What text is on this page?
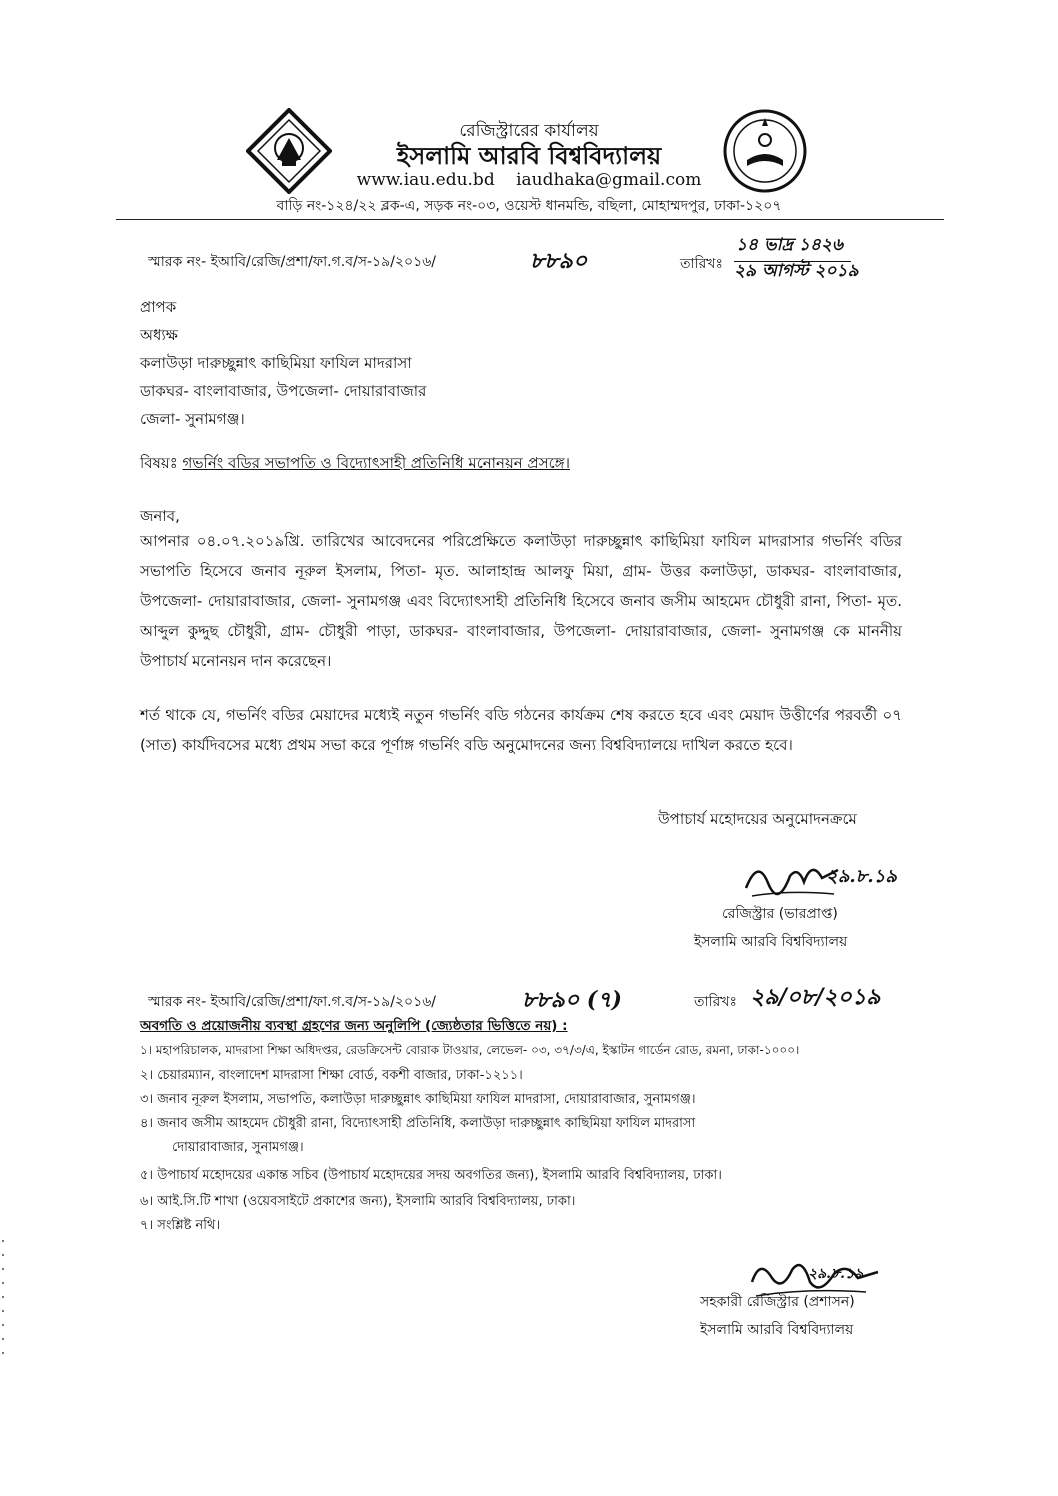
রেজিস্ট্রারের কার্যালয়
ইসলামি আরবি বিশ্ববিদ্যালয়
www.iau.edu.bd iaudhaka@gmail.com
বাড়ি নং-১২৪/২২ ব্লক-এ, সড়ক নং-০৩, ওয়েস্ট ধানমন্ডি, বছিলা, মোহাম্মদপুর, ঢাকা-১২০৭
স্মারক নং- ইআবি/রেজি/প্রশা/ফা.গ.ব/স-১৯/২০১৬/	৮৮৯০	তারিখঃ
১৪ ভাদ্র ১৪২৬
২৯ আগস্ট ২০১৯
প্রাপক
অধ্যক্ষ
কলাউড়া দারুচ্ছুন্নাৎ কাছিমিয়া ফাযিল মাদরাসা
ডাকঘর- বাংলাবাজার, উপজেলা- দোয়ারাবাজার
জেলা- সুনামগঞ্জ।
বিষয়ঃ গভর্নিং বডির সভাপতি ও বিদ্যোৎসাহী প্রতিনিধি মনোনয়ন প্রসঙ্গে।
জনাব,
আপনার ০৪.০৭.২০১৯খ্রি. তারিখের আবেদনের পরিপ্রেক্ষিতে কলাউড়া দারুচ্ছুন্নাৎ কাছিমিয়া ফাযিল মাদরাসার গভর্নিং বডির সভাপতি হিসেবে জনাব নূরুল ইসলাম, পিতা- মৃত. আলাহান্দ্র আলফু মিয়া, গ্রাম- উত্তর কলাউড়া, ডাকঘর- বাংলাবাজার, উপজেলা- দোয়ারাবাজার, জেলা- সুনামগঞ্জ এবং বিদ্যোৎসাহী প্রতিনিধি হিসেবে জনাব জসীম আহমেদ চৌধুরী রানা, পিতা- মৃত. আব্দুল কুদ্দুছ চৌধুরী, গ্রাম- চৌধুরী পাড়া, ডাকঘর- বাংলাবাজার, উপজেলা- দোয়ারাবাজার, জেলা- সুনামগঞ্জ কে মাননীয় উপাচার্য মনোনয়ন দান করেছেন।
শর্ত থাকে যে, গভর্নিং বডির মেয়াদের মধ্যেই নতুন গভর্নিং বডি গঠনের কার্যক্রম শেষ করতে হবে এবং মেয়াদ উত্তীর্ণের পরবর্তী ০৭ (সাত) কার্যদিবসের মধ্যে প্রথম সভা করে পূর্ণাঙ্গ গভর্নিং বডি অনুমোদনের জন্য বিশ্ববিদ্যালয়ে দাখিল করতে হবে।
উপাচার্য মহোদয়ের অনুমোদনক্রমে
২৯.৮.১৯
রেজিস্ট্রার (ভারপ্রাপ্ত)
ইসলামি আরবি বিশ্ববিদ্যালয়
স্মারক নং- ইআবি/রেজি/প্রশা/ফা.গ.ব/স-১৯/২০১৬/	৮৮৯০ (৭)	তারিখঃ ২৯/০৮/২০১৯
অবগতি ও প্রয়োজনীয় ব্যবস্থা গ্রহণের জন্য অনুলিপি (জ্যেষ্ঠতার ভিত্তিতে নয়) :
১। মহাপরিচালক, মাদরাসা শিক্ষা অধিদপ্তর, রেডক্রিসেন্ট বোরাক টাওয়ার, লেভেল- ০৩, ৩৭/৩/এ, ইস্কাটন গার্ডেন রোড, রমনা, ঢাকা-১০০০।
২। চেয়ারম্যান, বাংলাদেশ মাদরাসা শিক্ষা বোর্ড, বকশী বাজার, ঢাকা-১২১১।
৩। জনাব নূরুল ইসলাম, সভাপতি, কলাউড়া দারুচ্ছুন্নাৎ কাছিমিয়া ফাযিল মাদরাসা, দোয়ারাবাজার, সুনামগঞ্জ।
৪। জনাব জসীম আহমেদ চৌধুরী রানা, বিদ্যোৎসাহী প্রতিনিধি, কলাউড়া দারুচ্ছুন্নাৎ কাছিমিয়া ফাযিল মাদরাসা
দোয়ারাবাজার, সুনামগঞ্জ।
৫। উপাচার্য মহোদয়ের একান্ত সচিব (উপাচার্য মহোদয়ের সদয় অবগতির জন্য), ইসলামি আরবি বিশ্ববিদ্যালয়, ঢাকা।
৬। আই.সি.টি শাখা (ওয়েবসাইটে প্রকাশের জন্য), ইসলামি আরবি বিশ্ববিদ্যালয়, ঢাকা।
৭। সংশ্লিষ্ট নথি।
২৯.৮.১৯
সহকারী রেজিস্ট্রার (প্রশাসন)
ইসলামি আরবি বিশ্ববিদ্যালয়
